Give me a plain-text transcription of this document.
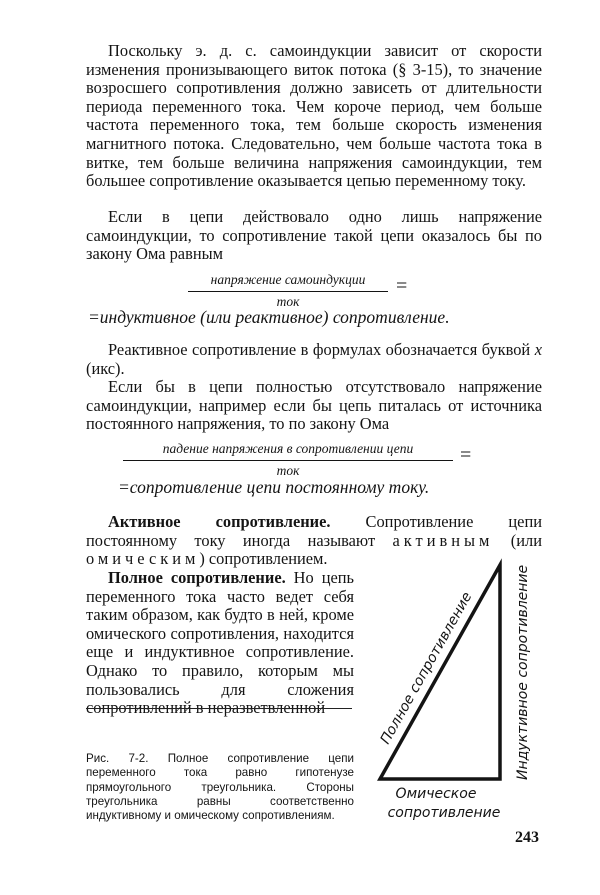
Поскольку э. д. с. самоиндукции зависит от скорости изменения пронизывающего виток потока (§ 3-15), то значение возросшего сопротивления должно зависеть от длительности периода переменного тока. Чем короче период, чем больше частота переменного тока, тем больше скорость изменения магнитного потока. Следовательно, чем больше частота тока в витке, тем больше величина напряжения самоиндукции, тем большее сопротивление оказывается цепью переменному току.

Если в цепи действовало одно лишь напряжение самоиндукции, то сопротивление такой цепи оказалось бы по закону Ома равным

напряжение самоиндукции
ток
=
=индуктивное (или реактивное) сопротивление.

Реактивное сопротивление в формулах обозначается буквой x (икс).

Если бы в цепи полностью отсутствовало напряжение самоиндукции, например если бы цепь питалась от источника постоянного напряжения, то по закону Ома

падение напряжения в сопротивлении цепи
ток
=
=сопротивление цепи постоянному току.

Активное сопротивление. Сопротивление цепи постоянному току иногда называют активным (или омическим) сопротивлением.

Полное сопротивление. Но цепь переменного тока часто ведет себя таким образом, как будто в ней, кроме омического сопротивления, находится еще и индуктивное сопротивление. Однако то правило, которым мы пользовались для сложения сопротивлений в неразветвленной	Полное сопротивление	Индуктивное сопротивление
Омическое
сопротивление

Рис. 7-2. Полное сопротивление цепи переменного тока равно гипотенузе прямоугольного треугольника. Стороны треугольника равны соответственно индуктивному и омическому сопротивлениям.

243
